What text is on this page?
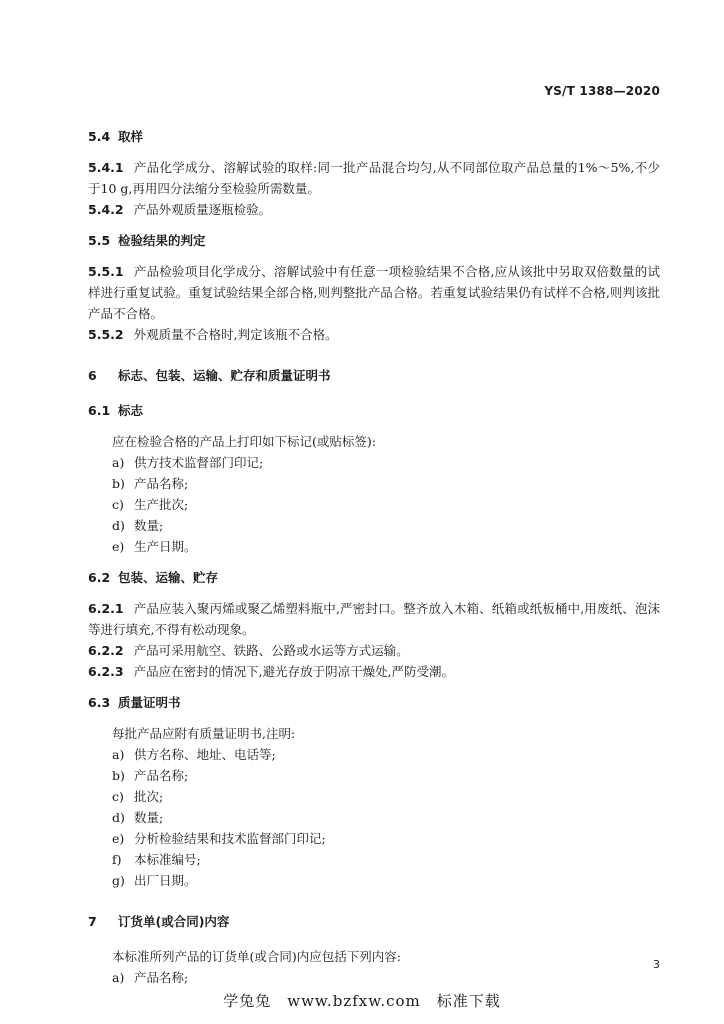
YS/T 1388—2020
5.4 取样
5.4.1 产品化学成分、溶解试验的取样:同一批产品混合均匀,从不同部位取产品总量的1%～5%,不少于10 g,再用四分法缩分至检验所需数量。
5.4.2 产品外观质量逐瓶检验。
5.5 检验结果的判定
5.5.1 产品检验项目化学成分、溶解试验中有任意一项检验结果不合格,应从该批中另取双倍数量的试样进行重复试验。重复试验结果全部合格,则判整批产品合格。若重复试验结果仍有试样不合格,则判该批产品不合格。
5.5.2 外观质量不合格时,判定该瓶不合格。
6 标志、包装、运输、贮存和质量证明书
6.1 标志
应在检验合格的产品上打印如下标记(或贴标签):
a) 供方技术监督部门印记;
b) 产品名称;
c) 生产批次;
d) 数量;
e) 生产日期。
6.2 包装、运输、贮存
6.2.1 产品应装入聚丙烯或聚乙烯塑料瓶中,严密封口。整齐放入木箱、纸箱或纸板桶中,用废纸、泡沫等进行填充,不得有松动现象。
6.2.2 产品可采用航空、铁路、公路或水运等方式运输。
6.2.3 产品应在密封的情况下,避光存放于阴凉干燥处,严防受潮。
6.3 质量证明书
每批产品应附有质量证明书,注明:
a) 供方名称、地址、电话等;
b) 产品名称;
c) 批次;
d) 数量;
e) 分析检验结果和技术监督部门印记;
f) 本标准编号;
g) 出厂日期。
7 订货单(或合同)内容
本标准所列产品的订货单(或合同)内应包括下列内容:
a) 产品名称;
3
学兔兔　www.bzfxw.com　标准下载
